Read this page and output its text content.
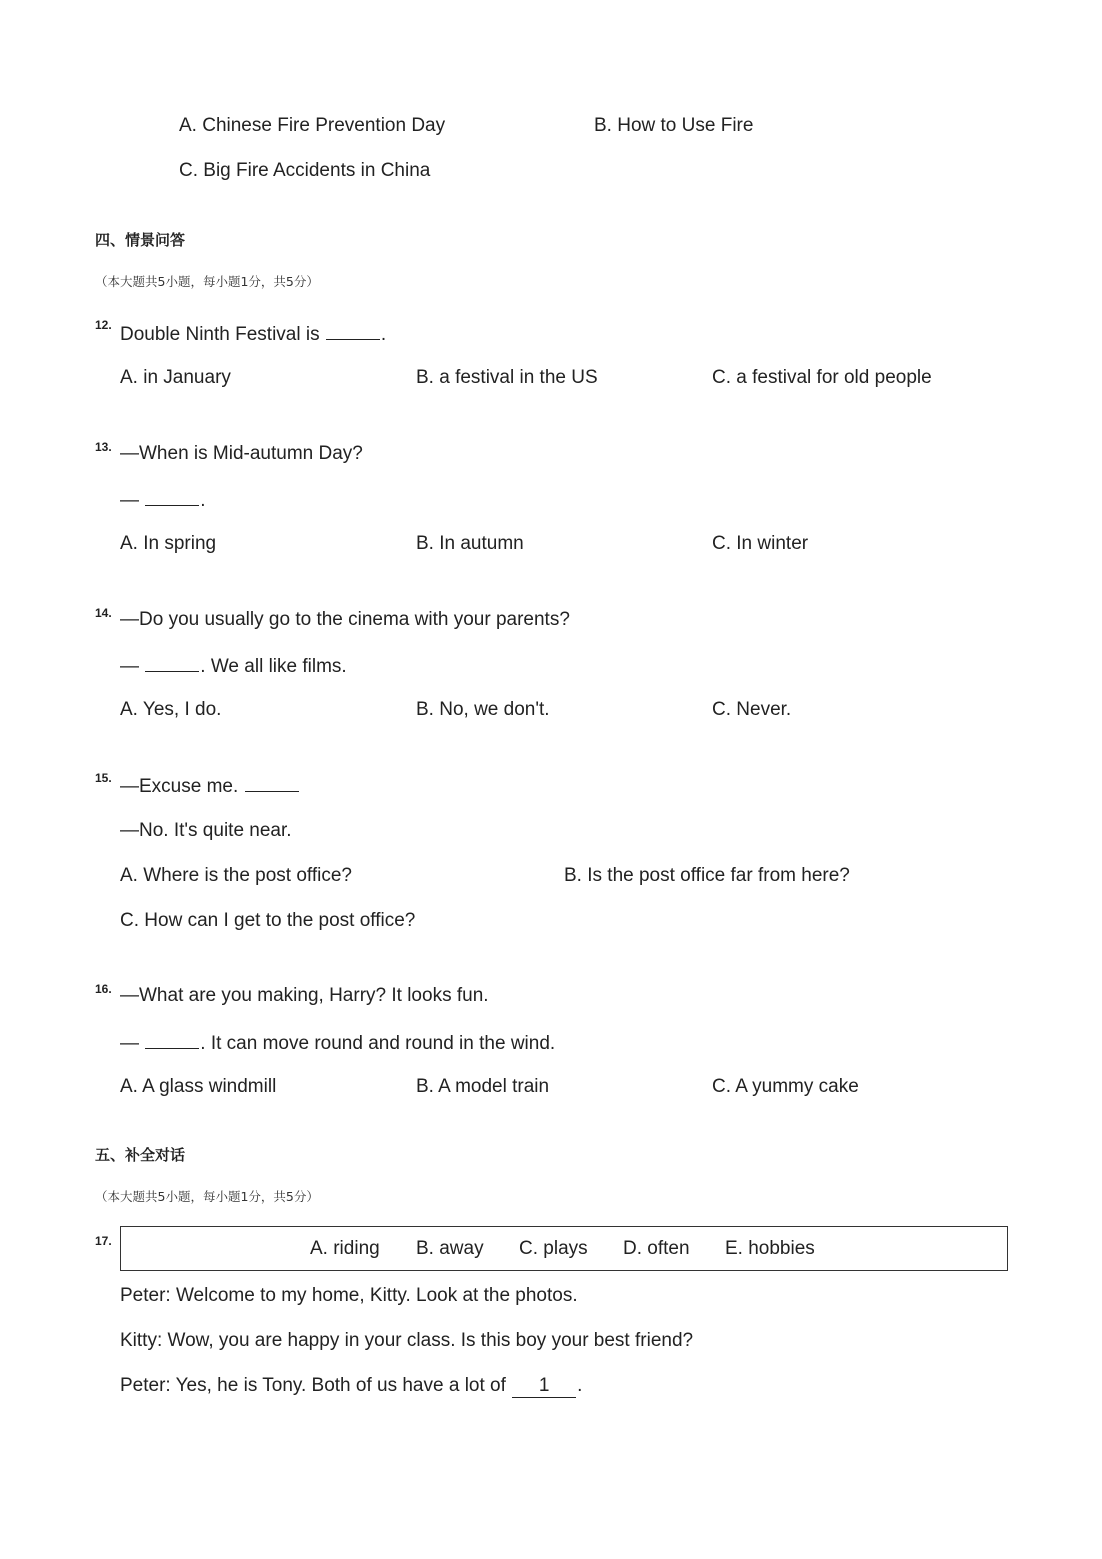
A. Chinese Fire Prevention Day	B. How to Use Fire
C. Big Fire Accidents in China
四、情景问答
（本大题共5小题，每小题1分，共5分）
12. Double Ninth Festival is	.
A. in January	B. a festival in the US	C. a festival for old people
13. —When is Mid-autumn Day?
—	.
A. In spring	B. In autumn	C. In winter
14. —Do you usually go to the cinema with your parents?
—	. We all like films.
A. Yes, I do.	B. No, we don't.	C. Never.
15. —Excuse me.
—No. It's quite near.
A. Where is the post office?	B. Is the post office far from here?
C. How can I get to the post office?
16. —What are you making, Harry? It looks fun.
—	. It can move round and round in the wind.
A. A glass windmill	B. A model train	C. A yummy cake
五、补全对话
（本大题共5小题，每小题1分，共5分）
17.	A. riding B. away C. plays D. often E. hobbies
Peter: Welcome to my home, Kitty. Look at the photos.
Kitty: Wow, you are happy in your class. Is this boy your best friend?
Peter: Yes, he is Tony. Both of us have a lot of 1 .
